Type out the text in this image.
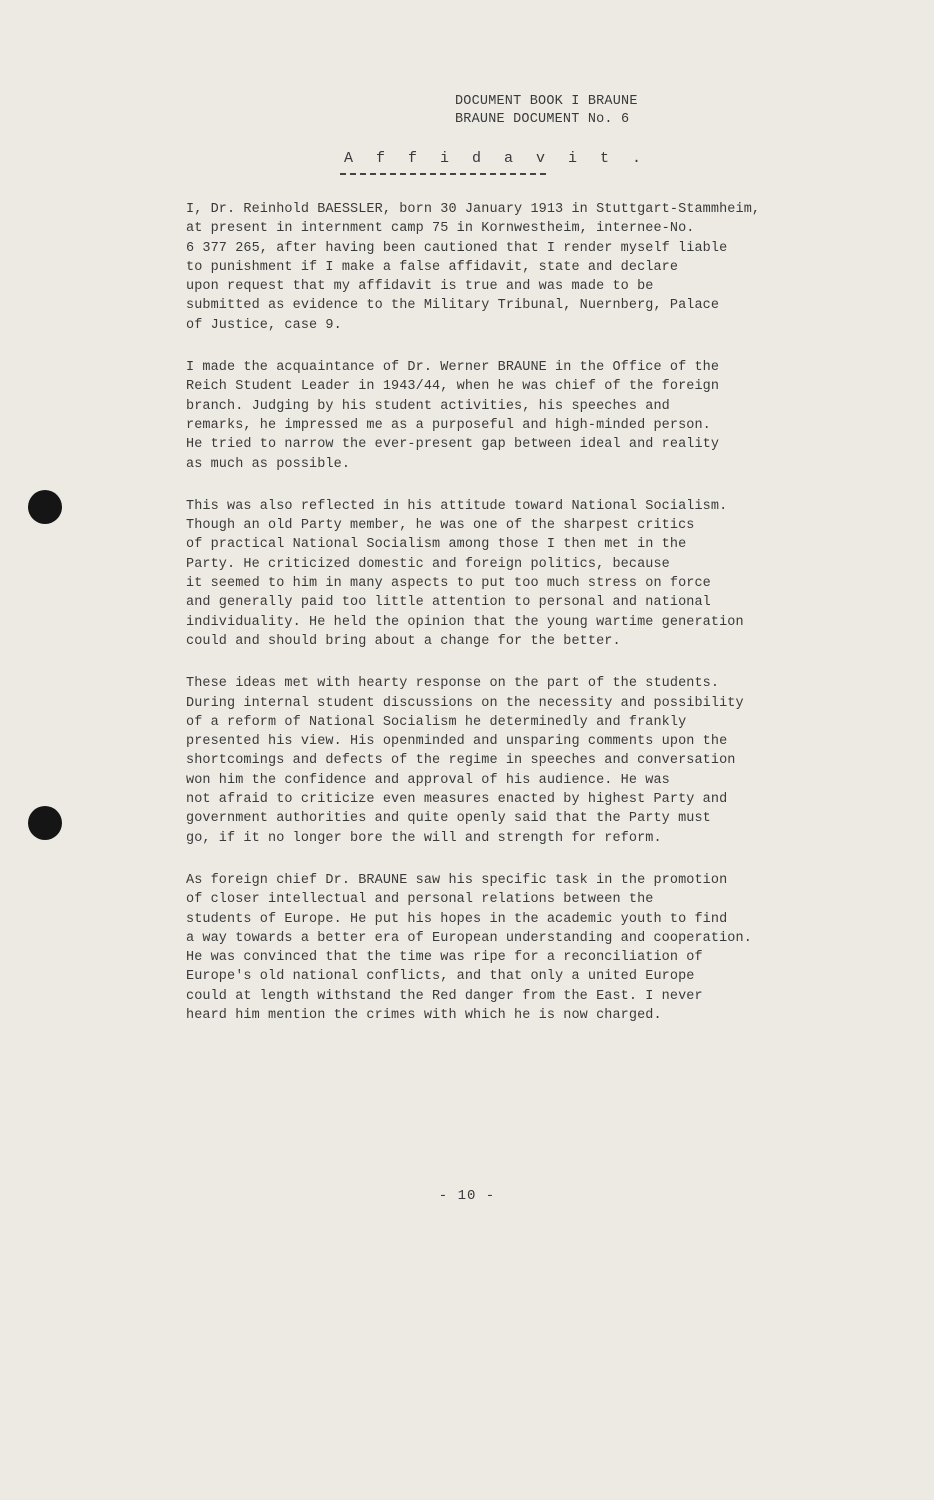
DOCUMENT BOOK I BRAUNE
BRAUNE DOCUMENT No. 6
A f f i d a v i t .
I, Dr. Reinhold BAESSLER, born 30 January 1913 in Stuttgart-Stammheim,
at present in internment camp 75 in Kornwestheim, internee-No.
6 377 265, after having been cautioned that I render myself liable
to punishment if I make a false affidavit, state and declare
upon request that my affidavit is true and was made to be
submitted as evidence to the Military Tribunal, Nuernberg, Palace
of Justice, case 9.
I made the acquaintance of Dr. Werner BRAUNE in the Office of the
Reich Student Leader in 1943/44, when he was chief of the foreign
branch. Judging by his student activities, his speeches and
remarks, he impressed me as a purposeful and high-minded person.
He tried to narrow the ever-present gap between ideal and reality
as much as possible.
This was also reflected in his attitude toward National Socialism.
Though an old Party member, he was one of the sharpest critics
of practical National Socialism among those I then met in the
Party. He criticized domestic and foreign politics, because
it seemed to him in many aspects to put too much stress on force
and generally paid too little attention to personal and national
individuality. He held the opinion that the young wartime generation
could and should bring about a change for the better.
These ideas met with hearty response on the part of the students.
During internal student discussions on the necessity and possibility
of a reform of National Socialism he determinedly and frankly
presented his view. His openminded and unsparing comments upon the
shortcomings and defects of the regime in speeches and conversation
won him the confidence and approval of his audience. He was
not afraid to criticize even measures enacted by highest Party and
government authorities and quite openly said that the Party must
go, if it no longer bore the will and strength for reform.
As foreign chief Dr. BRAUNE saw his specific task in the promotion
of closer intellectual and personal relations between the
students of Europe. He put his hopes in the academic youth to find
a way towards a better era of European understanding and cooperation.
He was convinced that the time was ripe for a reconciliation of
Europe's old national conflicts, and that only a united Europe
could at length withstand the Red danger from the East. I never
heard him mention the crimes with which he is now charged.
- 10 -
